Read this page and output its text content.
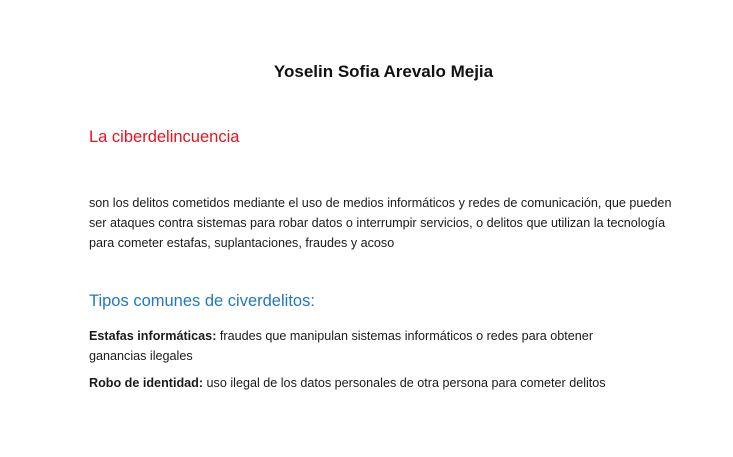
Yoselin Sofia Arevalo Mejia
La ciberdelincuencia
son los delitos cometidos mediante el uso de medios informáticos y redes de comunicación, que pueden ser ataques contra sistemas para robar datos o interrumpir servicios, o delitos que utilizan la tecnología para cometer estafas, suplantaciones, fraudes y acoso
Tipos comunes de civerdelitos:
Estafas informáticas: fraudes que manipulan sistemas informáticos o redes para obtener ganancias ilegales
Robo de identidad: uso ilegal de los datos personales de otra persona para cometer delitos
